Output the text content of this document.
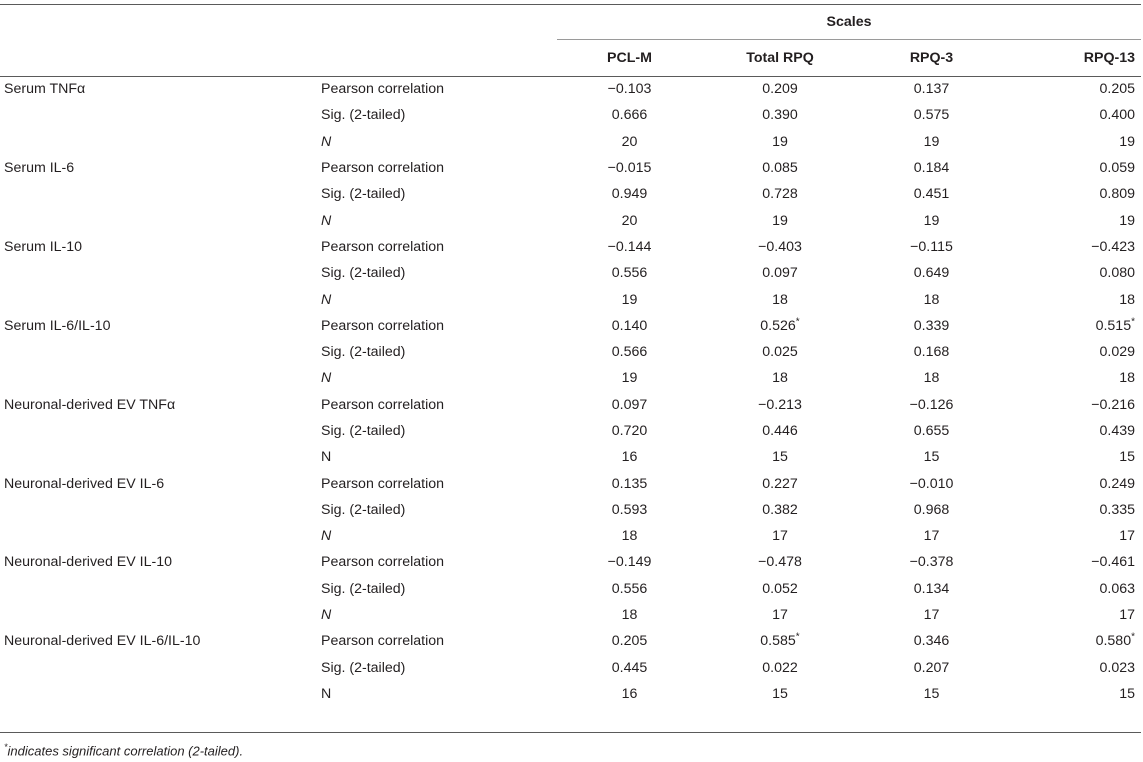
		Scales			
		PCL-M	Total RPQ	RPQ-3	RPQ-13
Serum TNFα	Pearson correlation	−0.103	0.209	0.137	0.205
	Sig. (2-tailed)	0.666	0.390	0.575	0.400
	N	20	19	19	19
Serum IL-6	Pearson correlation	−0.015	0.085	0.184	0.059
	Sig. (2-tailed)	0.949	0.728	0.451	0.809
	N	20	19	19	19
Serum IL-10	Pearson correlation	−0.144	−0.403	−0.115	−0.423
	Sig. (2-tailed)	0.556	0.097	0.649	0.080
	N	19	18	18	18
Serum IL-6/IL-10	Pearson correlation	0.140	0.526*	0.339	0.515*
	Sig. (2-tailed)	0.566	0.025	0.168	0.029
	N	19	18	18	18
Neuronal-derived EV TNFα	Pearson correlation	0.097	−0.213	−0.126	−0.216
	Sig. (2-tailed)	0.720	0.446	0.655	0.439
	N	16	15	15	15
Neuronal-derived EV IL-6	Pearson correlation	0.135	0.227	−0.010	0.249
	Sig. (2-tailed)	0.593	0.382	0.968	0.335
	N	18	17	17	17
Neuronal-derived EV IL-10	Pearson correlation	−0.149	−0.478	−0.378	−0.461
	Sig. (2-tailed)	0.556	0.052	0.134	0.063
	N	18	17	17	17
Neuronal-derived EV IL-6/IL-10	Pearson correlation	0.205	0.585*	0.346	0.580*
	Sig. (2-tailed)	0.445	0.022	0.207	0.023
	N	16	15	15	15
*indicates significant correlation (2-tailed).
